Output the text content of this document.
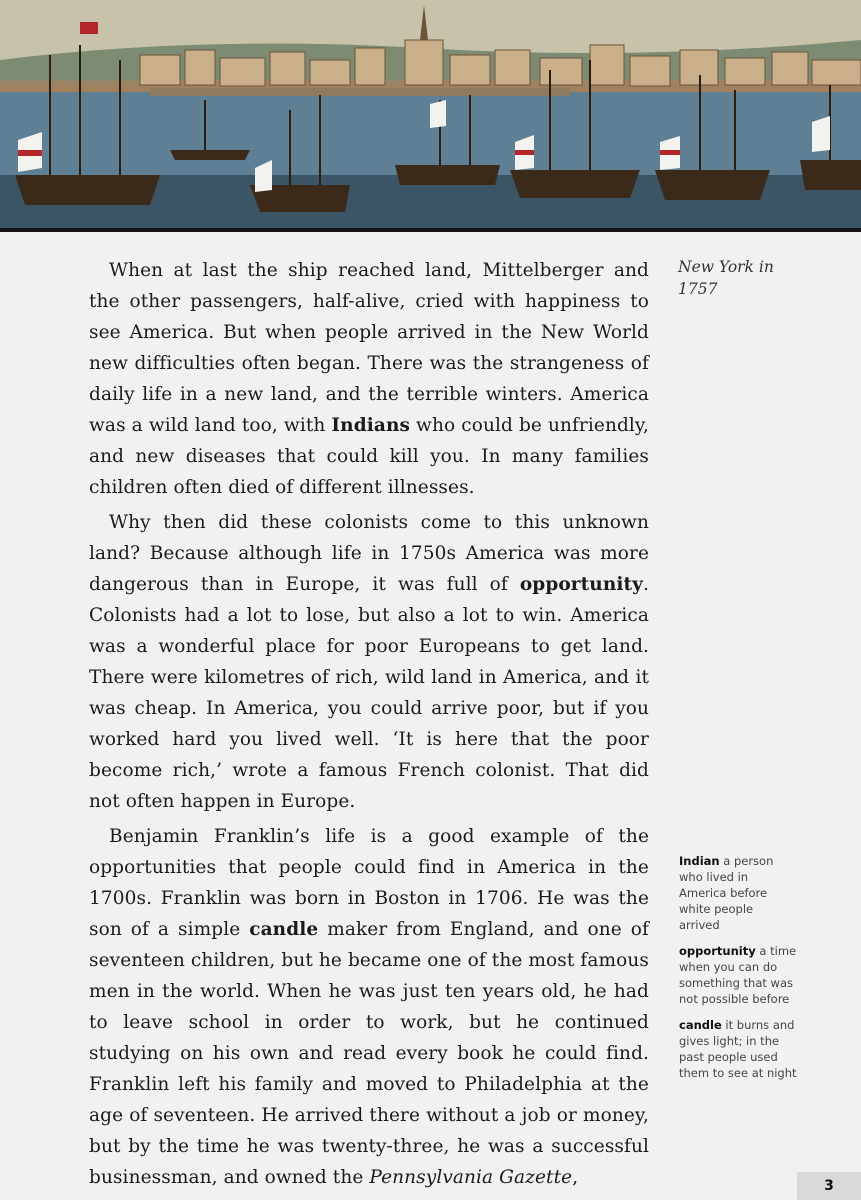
When at last the ship reached land, Mittelberger and the other passengers, half-alive, cried with happiness to see America. But when people arrived in the New World new difficulties often began. There was the strangeness of daily life in a new land, and the terrible winters. America was a wild land too, with Indians who could be unfriendly, and new diseases that could kill you. In many families children often died of different illnesses.

Why then did these colonists come to this unknown land? Because although life in 1750s America was more dangerous than in Europe, it was full of opportunity. Colonists had a lot to lose, but also a lot to win. America was a wonderful place for poor Europeans to get land. There were kilometres of rich, wild land in America, and it was cheap. In America, you could arrive poor, but if you worked hard you lived well. ‘It is here that the poor become rich,’ wrote a famous French colonist. That did not often happen in Europe.

Benjamin Franklin’s life is a good example of the opportunities that people could find in America in the 1700s. Franklin was born in Boston in 1706. He was the son of a simple candle maker from England, and one of seventeen children, but he became one of the most famous men in the world. When he was just ten years old, he had to leave school in order to work, but he continued studying on his own and read every book he could find. Franklin left his family and moved to Philadelphia at the age of seventeen. He arrived there without a job or money, but by the time he was twenty-three, he was a successful businessman, and owned the Pennsylvania Gazette,

New York in 1757
Indian a person who lived in America before white people arrived
opportunity a time when you can do something that was not possible before
candle it burns and gives light; in the past people used them to see at night
3
